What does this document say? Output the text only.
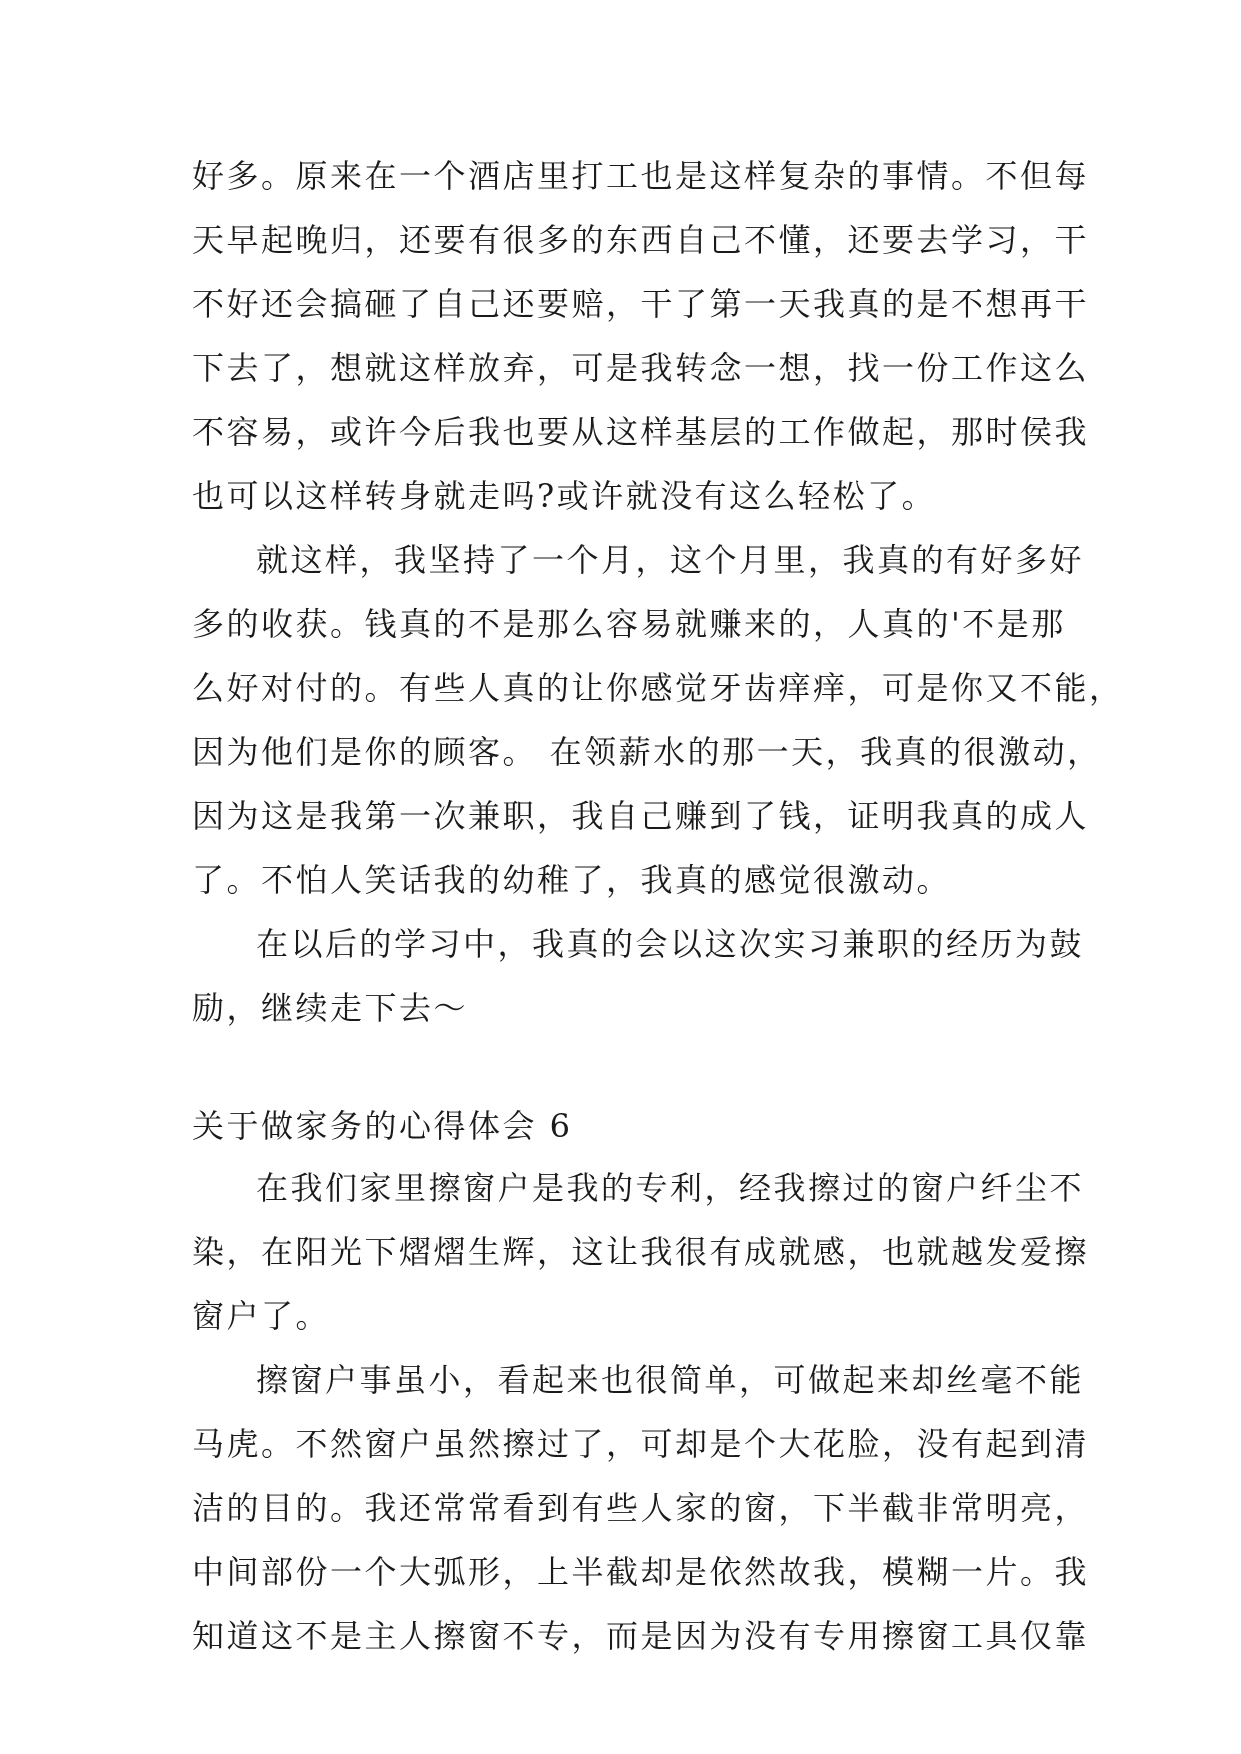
好多。原来在一个酒店里打工也是这样复杂的事情。不但每

天早起晚归，还要有很多的东西自己不懂，还要去学习，干

不好还会搞砸了自己还要赔，干了第一天我真的是不想再干

下去了，想就这样放弃，可是我转念一想，找一份工作这么

不容易，或许今后我也要从这样基层的工作做起，那时侯我

也可以这样转身就走吗?或许就没有这么轻松了。

就这样，我坚持了一个月，这个月里，我真的有好多好

多的收获。钱真的不是那么容易就赚来的，人真的'不是那

么好对付的。有些人真的让你感觉牙齿痒痒，可是你又不能，

因为他们是你的顾客。 在领薪水的那一天，我真的很激动，

因为这是我第一次兼职，我自己赚到了钱，证明我真的成人

了。不怕人笑话我的幼稚了，我真的感觉很激动。

在以后的学习中，我真的会以这次实习兼职的经历为鼓

励，继续走下去～

关于做家务的心得体会 6

在我们家里擦窗户是我的专利，经我擦过的窗户纤尘不

染，在阳光下熠熠生辉，这让我很有成就感，也就越发爱擦

窗户了。

擦窗户事虽小，看起来也很简单，可做起来却丝毫不能

马虎。不然窗户虽然擦过了，可却是个大花脸，没有起到清

洁的目的。我还常常看到有些人家的窗，下半截非常明亮，

中间部份一个大弧形，上半截却是依然故我，模糊一片。我

知道这不是主人擦窗不专，而是因为没有专用擦窗工具仅靠
